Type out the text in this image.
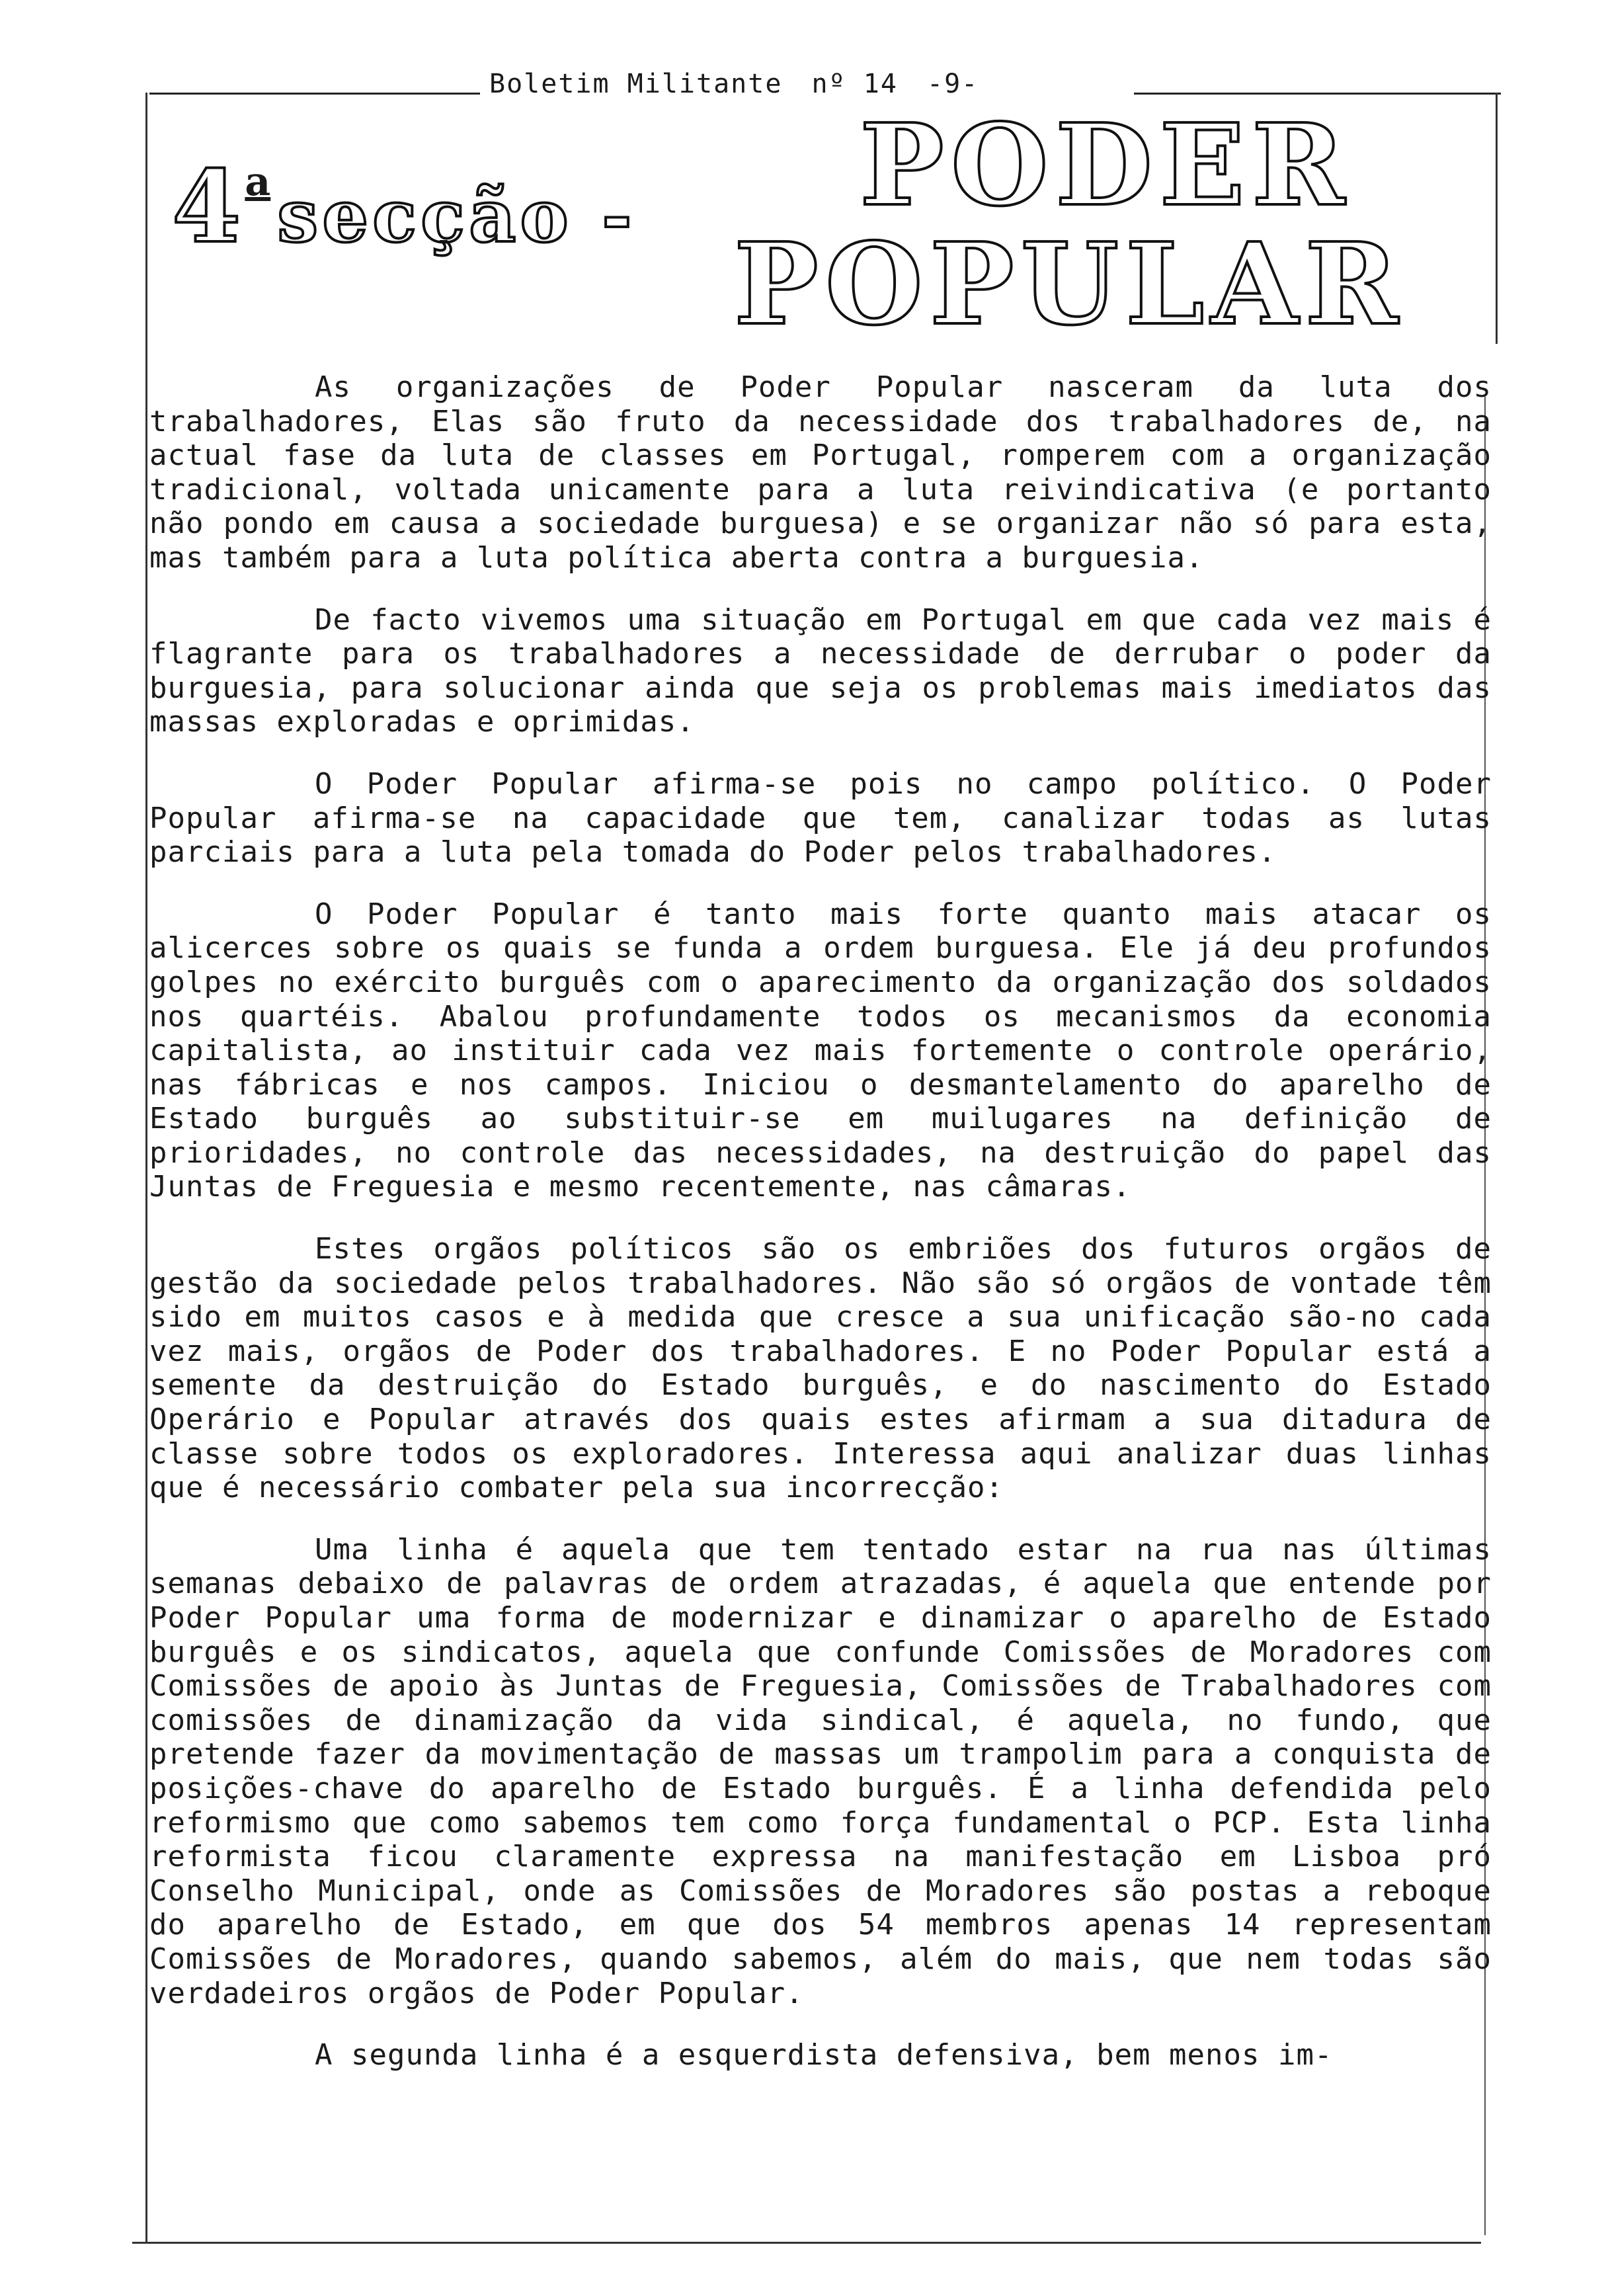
Boletim Militante nº 14 -9-
4$^a$secção - PODER
POPULAR

As organizações de Poder Popular nasceram da luta dos trabalhadores, Elas são fruto da necessidade dos trabalhadores de, na actual fase da luta de classes em Portugal, romperem com a organização tradicional, voltada unicamente para a luta reivindicativa (e portanto não pondo em causa a sociedade burguesa) e se organizar não só para esta, mas também para a luta política aberta contra a burguesia.

De facto vivemos uma situação em Portugal em que cada vez mais é flagrante para os trabalhadores a necessidade de derrubar o poder da burguesia, para solucionar ainda que seja os problemas mais imediatos das massas exploradas e oprimidas.

O Poder Popular afirma-se pois no campo político. O Poder Popular afirma-se na capacidade que tem, canalizar todas as lutas parciais para a luta pela tomada do Poder pelos trabalhadores.

O Poder Popular é tanto mais forte quanto mais atacar os alicerces sobre os quais se funda a ordem burguesa. Ele já deu profundos golpes no exército burguês com o aparecimento da organização dos soldados nos quartéis. Abalou profundamente todos os mecanismos da economia capitalista, ao instituir cada vez mais fortemente o controle operário, nas fábricas e nos campos. Iniciou o desmantelamento do aparelho de Estado burguês ao substituir-se em muilugares na definição de prioridades, no controle das necessidades, na destruição do papel das Juntas de Freguesia e mesmo recentemente, nas câmaras.

Estes orgãos políticos são os embriões dos futuros orgãos de gestão da sociedade pelos trabalhadores. Não são só orgãos de vontade têm sido em muitos casos e à medida que cresce a sua unificação são-no cada vez mais, orgãos de Poder dos trabalhadores. E no Poder Popular está a semente da destruição do Estado burguês, e do nascimento do Estado Operário e Popular através dos quais estes afirmam a sua ditadura de classe sobre todos os exploradores. Interessa aqui analizar duas linhas que é necessário combater pela sua incorrecção:

Uma linha é aquela que tem tentado estar na rua nas últimas semanas debaixo de palavras de ordem atrazadas, é aquela que entende por Poder Popular uma forma de modernizar e dinamizar o aparelho de Estado burguês e os sindicatos, aquela que confunde Comissões de Moradores com Comissões de apoio às Juntas de Freguesia, Comissões de Trabalhadores com comissões de dinamização da vida sindical, é aquela, no fundo, que pretende fazer da movimentação de massas um trampolim para a conquista de posições-chave do aparelho de Estado burguês. É a linha defendida pelo reformismo que como sabemos tem como força fundamental o PCP. Esta linha reformista ficou claramente expressa na manifestação em Lisboa pró Conselho Municipal, onde as Comissões de Moradores são postas a reboque do aparelho de Estado, em que dos 54 membros apenas 14 representam Comissões de Moradores, quando sabemos, além do mais, que nem todas são verdadeiros orgãos de Poder Popular.

A segunda linha é a esquerdista defensiva, bem menos im-
